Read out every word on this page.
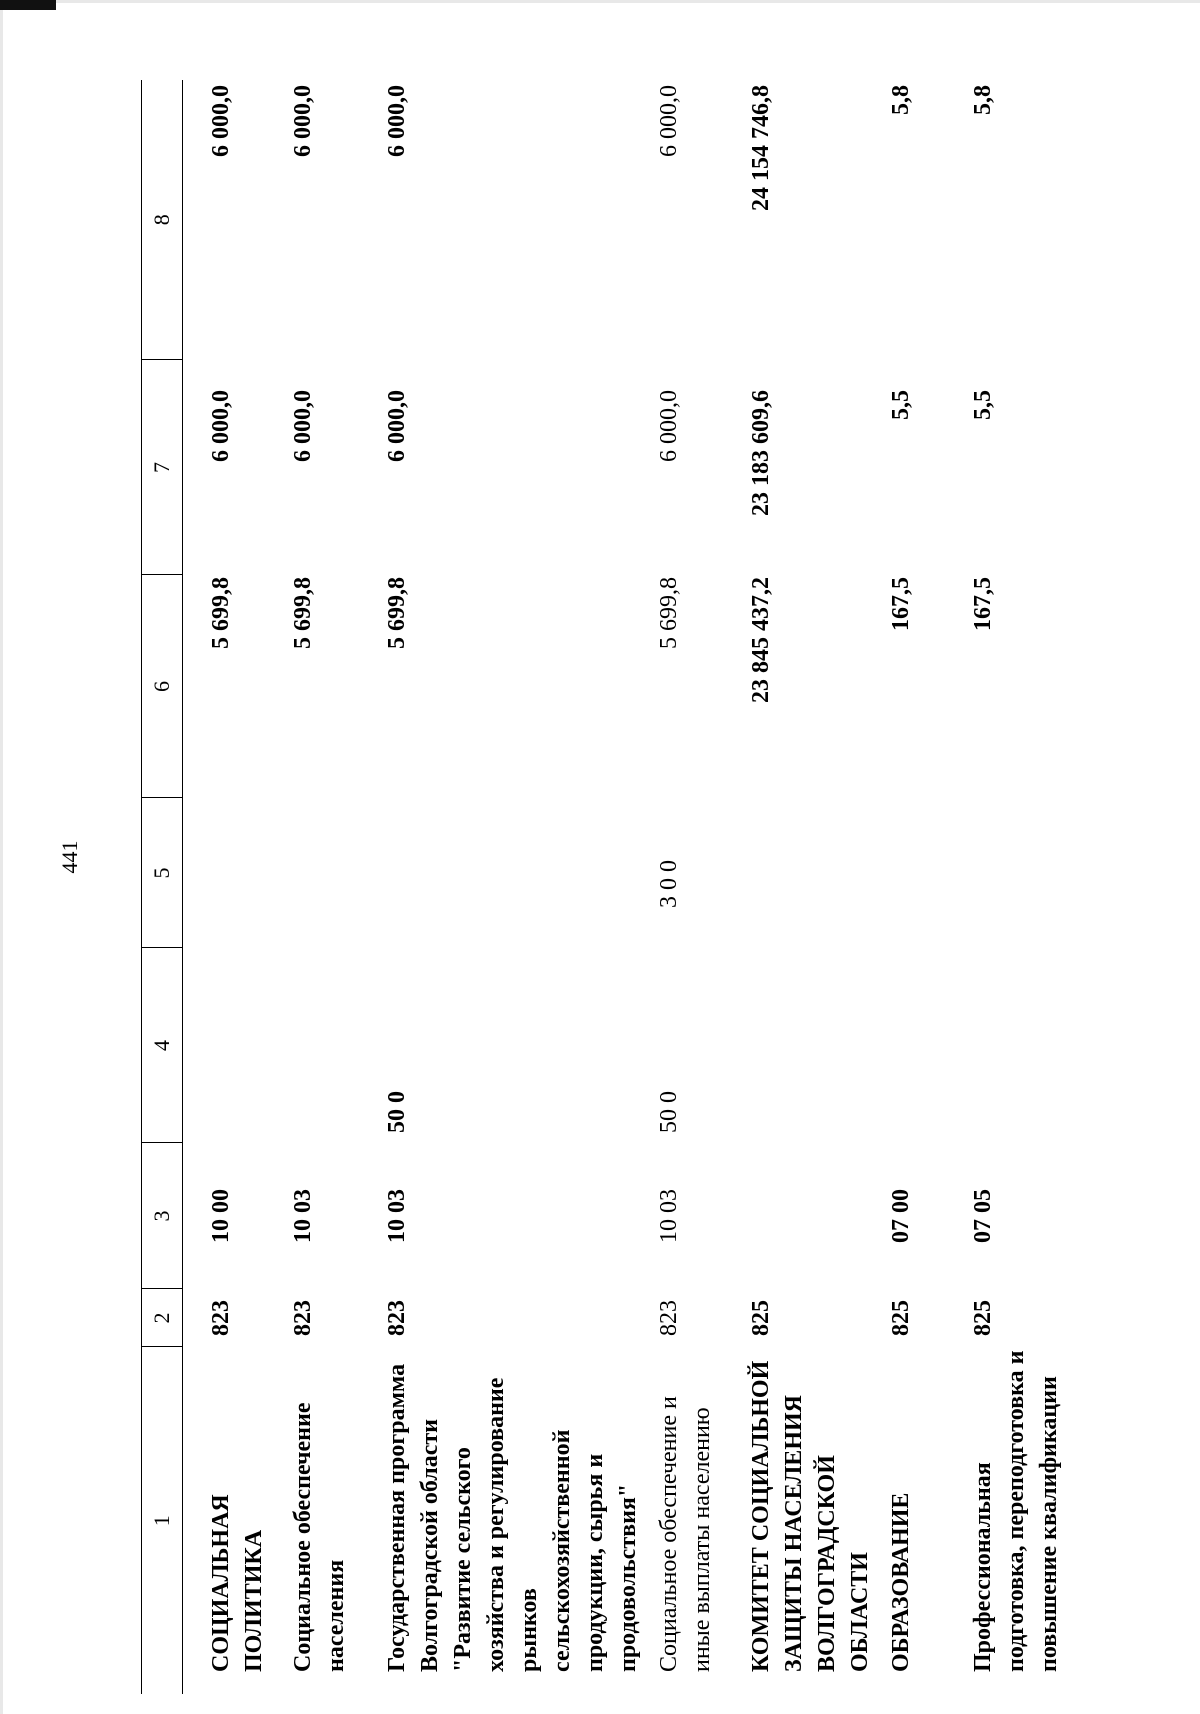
441
1	2	3	4	5	6	7	8
СОЦИАЛЬНАЯ ПОЛИТИКА	823	10 00			5 699,8	6 000,0	6 000,0
Социальное обеспечение населения	823	10 03			5 699,8	6 000,0	6 000,0
Государственная программа Волгоградской области "Развитие сельского хозяйства и регулирование рынков сельскохозяйственной продукции, сырья и продовольствия"	823	10 03	50 0		5 699,8	6 000,0	6 000,0
Социальное обеспечение и иные выплаты населению	823	10 03	50 0	3 0 0	5 699,8	6 000,0	6 000,0
КОМИТЕТ СОЦИАЛЬНОЙ ЗАЩИТЫ НАСЕЛЕНИЯ ВОЛГОГРАДСКОЙ ОБЛАСТИ	825				23 845 437,2	23 183 609,6	24 154 746,8
ОБРАЗОВАНИЕ	825	07 00			167,5	5,5	5,8
Профессиональная подготовка, переподготовка и повышение квалификации	825	07 05			167,5	5,5	5,8
